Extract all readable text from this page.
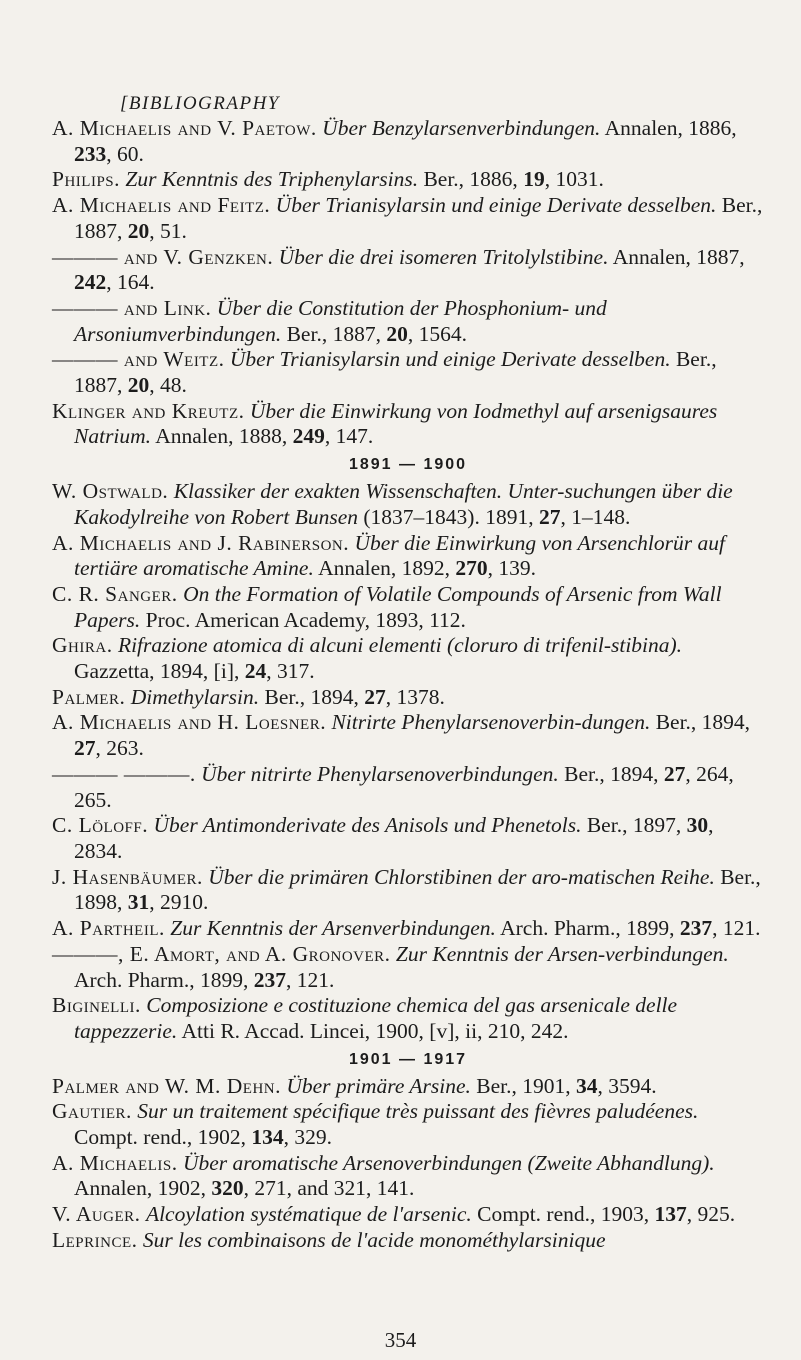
[BIBLIOGRAPHY

A. Michaelis and V. Paetow. Über Benzylarsenverbindungen. Annalen, 1886, 233, 60.

Philips. Zur Kenntnis des Triphenylarsins. Ber., 1886, 19, 1031.

A. Michaelis and Feitz. Über Trianisylarsin und einige Derivate desselben. Ber., 1887, 20, 51.

——— and V. Genzken. Über die drei isomeren Tritolylstibine. Annalen, 1887, 242, 164.

——— and Link. Über die Constitution der Phosphonium- und Arsoniumverbindungen. Ber., 1887, 20, 1564.

——— and Weitz. Über Trianisylarsin und einige Derivate desselben. Ber., 1887, 20, 48.

Klinger and Kreutz. Über die Einwirkung von Iodmethyl auf arsenigsaures Natrium. Annalen, 1888, 249, 147.

1891 — 1900

W. Ostwald. Klassiker der exakten Wissenschaften. Unter-suchungen über die Kakodylreihe von Robert Bunsen (1837–1843). 1891, 27, 1–148.

A. Michaelis and J. Rabinerson. Über die Einwirkung von Arsenchlorür auf tertiäre aromatische Amine. Annalen, 1892, 270, 139.

C. R. Sanger. On the Formation of Volatile Compounds of Arsenic from Wall Papers. Proc. American Academy, 1893, 112.

Ghira. Rifrazione atomica di alcuni elementi (cloruro di trifenil-stibina). Gazzetta, 1894, [i], 24, 317.

Palmer. Dimethylarsin. Ber., 1894, 27, 1378.

A. Michaelis and H. Loesner. Nitrirte Phenylarsenoverbin-dungen. Ber., 1894, 27, 263.

——— ———. Über nitrirte Phenylarsenoverbindungen. Ber., 1894, 27, 264, 265.

C. Löloff. Über Antimonderivate des Anisols und Phenetols. Ber., 1897, 30, 2834.

J. Hasenbäumer. Über die primären Chlorstibinen der aro-matischen Reihe. Ber., 1898, 31, 2910.

A. Partheil. Zur Kenntnis der Arsenverbindungen. Arch. Pharm., 1899, 237, 121.

———, E. Amort, and A. Gronover. Zur Kenntnis der Arsen-verbindungen. Arch. Pharm., 1899, 237, 121.

Biginelli. Composizione e costituzione chemica del gas arsenicale delle tappezzerie. Atti R. Accad. Lincei, 1900, [v], ii, 210, 242.

1901 — 1917

Palmer and W. M. Dehn. Über primäre Arsine. Ber., 1901, 34, 3594.

Gautier. Sur un traitement spécifique très puissant des fièvres paludéenes. Compt. rend., 1902, 134, 329.

A. Michaelis. Über aromatische Arsenoverbindungen (Zweite Abhandlung). Annalen, 1902, 320, 271, and 321, 141.

V. Auger. Alcoylation systématique de l'arsenic. Compt. rend., 1903, 137, 925.

Leprince. Sur les combinaisons de l'acide monométhylarsinique

354
